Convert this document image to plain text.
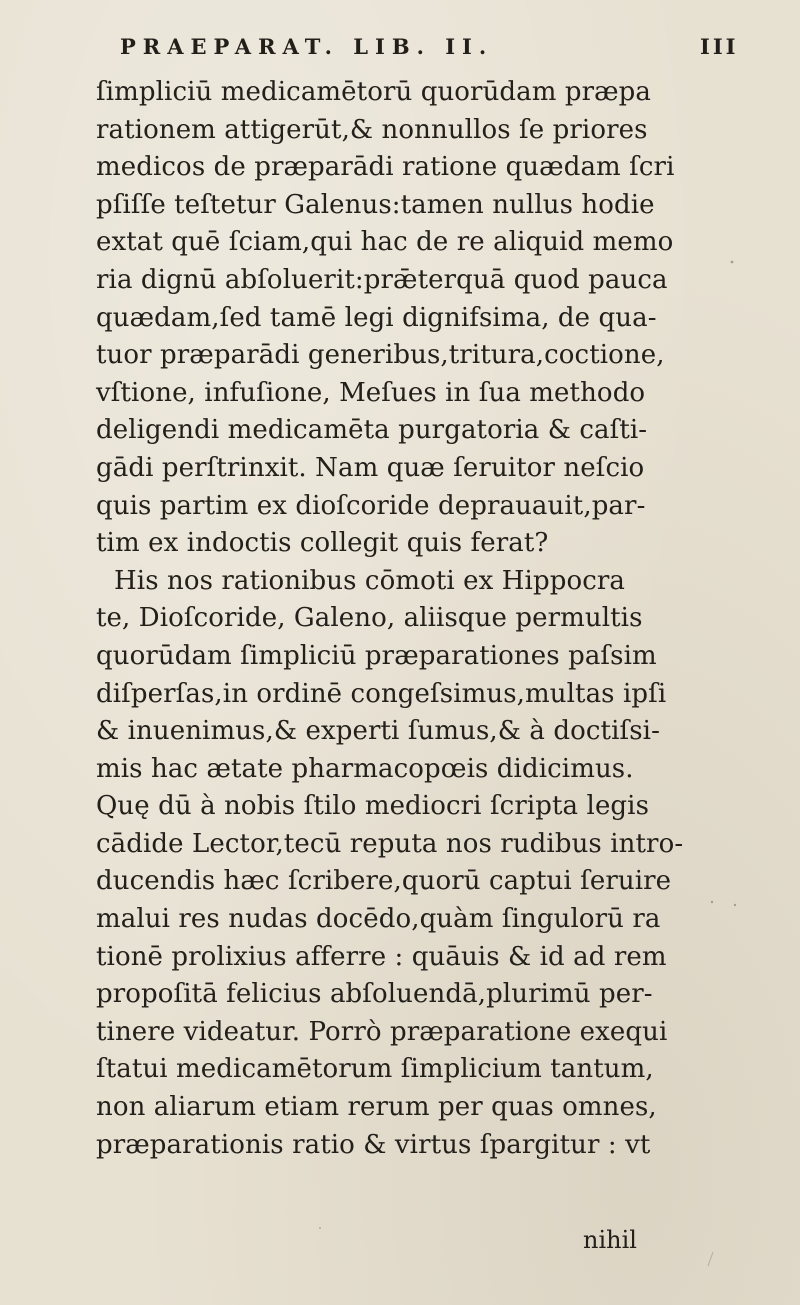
PRAEPARAT. LIB. II.	III
ſimpliciū medicamētorū quorūdam præpa
rationem attigerūt,& nonnullos ſe priores
medicos de præparādi ratione quædam ſcri
pſiſſe teſtetur Galenus:tamen nullus hodie
extat quē ſciam,qui hac de re aliquid memo
ria dignū abſoluerit:prǣterquā quod pauca
quædam,ſed tamē legi dignifsima, de qua-
tuor præparādi generibus,tritura,coctione,
vſtione, infuſione, Meſues in ſua methodo
deligendi medicamēta purgatoria & caſti-
gādi perſtrinxit. Nam quæ ſeruitor neſcio
quis partim ex dioſcoride deprauauit,par-
tim ex indoctis collegit quis ferat?
His nos rationibus cōmoti ex Hippocra
te, Dioſcoride, Galeno, aliisque permultis
quorūdam ſimpliciū præparationes paſsim
diſperſas,in ordinē congeſsimus,multas ipſi
& inuenimus,& experti ſumus,& à doctiſsi-
mis hac ætate pharmacopœis didicimus.
Quę dū à nobis ſtilo mediocri ſcripta legis
cādide Lector,tecū reputa nos rudibus intro-
ducendis hæc ſcribere,quorū captui ſeruire
malui res nudas docēdo,quàm ſingulorū ra
tionē prolixius afferre : quāuis & id ad rem
propoſitā felicius abſoluendā,plurimū per-
tinere videatur. Porrò præparatione exequi
ſtatui medicamētorum ſimplicium tantum,
non aliarum etiam rerum per quas omnes,
præparationis ratio & virtus ſpargitur : vt
nihil
